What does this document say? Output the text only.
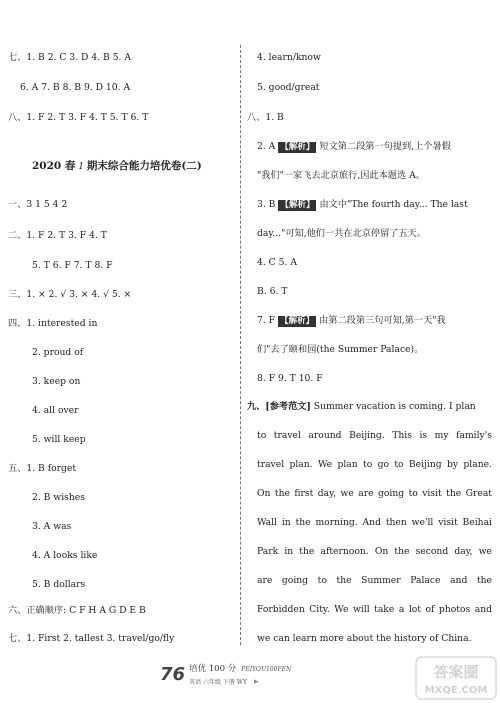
七、1. B 2. C 3. D 4. B 5. A
6. A 7. B 8. B 9. D 10. A
八、1. F 2. T 3. F 4. T 5. T 6. T
2020 春 1 期末综合能力培优卷(二)
一、3 1 5 4 2
二、1. F 2. T 3. F 4. T
5. T 6. F 7. T 8. F
三、1. × 2. √ 3. × 4. √ 5. ×
四、1. interested in
2. proud of
3. keep on
4. all over
5. will keep
五、1. B forget
2. B wishes
3. A was
4. A looks like
5. B dollars
六、正确顺序: C F H A G D E B
七、1. First 2. tallest 3. travel/go/fly
4. learn/know
5. good/great
八、1. B
2. A 【解析】 短文第二段第一句提到,上个暑假
"我们"一家飞去北京旅行,因此本题选 A。
3. B 【解析】 由文中"The fourth day... The last
day..."可知,他们一共在北京停留了五天。
4. C 5. A
B. 6. T
7. F 【解析】 由第二段第三句可知,第一天"我
们"去了颐和园(the Summer Palace)。
8. F 9. T 10. F
九、[参考范文] Summer vacation is coming. I plan
to travel around Beijing. This is my family's
travel plan. We plan to go to Beijing by plane.
On the first day, we are going to visit the Great
Wall in the morning. And then we'll visit Beihai
Park in the afternoon. On the second day, we
are going to the Summer Palace and the
Forbidden City. We will take a lot of photos and
we can learn more about the history of China.
76 培优 100 分 PEIYOU100FEN
英语 六年级 下册 WY ▸
答案圈
MXQE.COM
